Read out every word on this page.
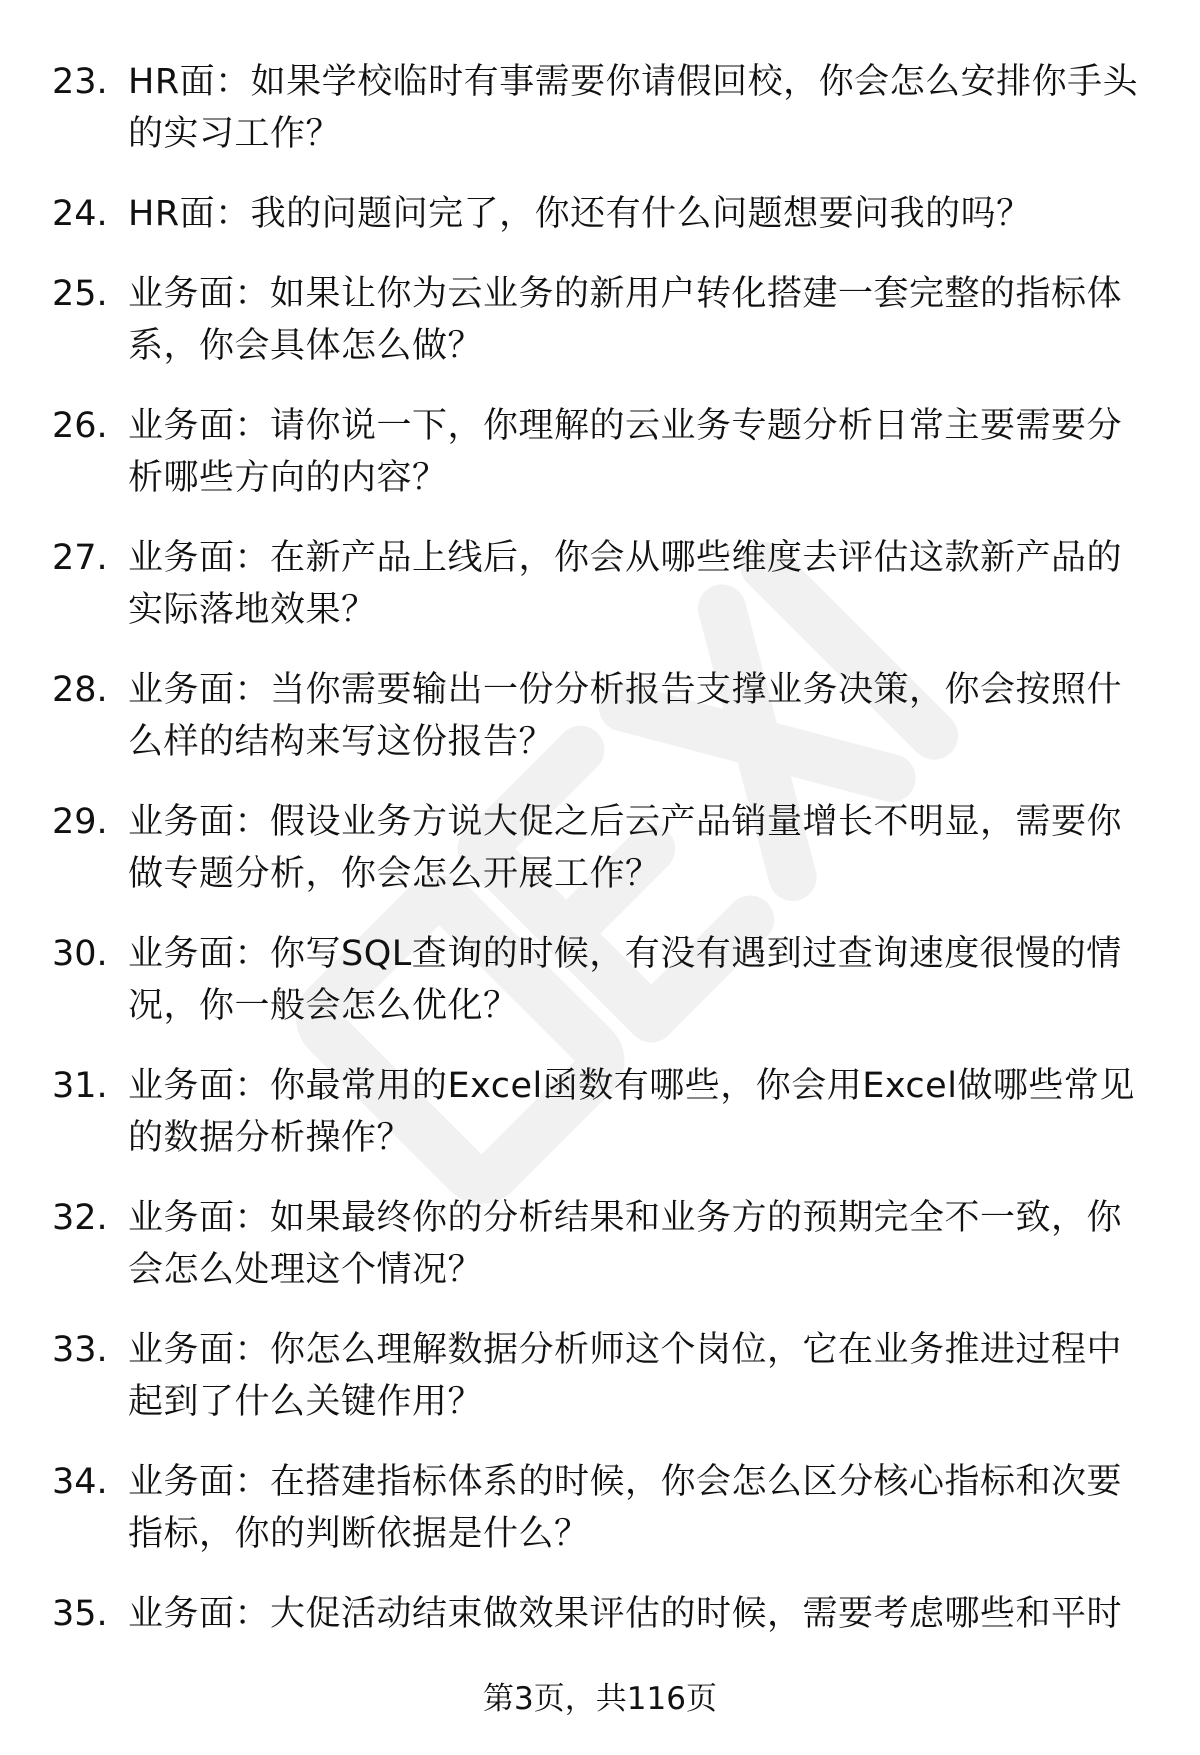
23. HR面：如果学校临时有事需要你请假回校，你会怎么安排你手头的实习工作？
24. HR面：我的问题问完了，你还有什么问题想要问我的吗？
25. 业务面：如果让你为云业务的新用户转化搭建一套完整的指标体系，你会具体怎么做？
26. 业务面：请你说一下，你理解的云业务专题分析日常主要需要分析哪些方向的内容？
27. 业务面：在新产品上线后，你会从哪些维度去评估这款新产品的实际落地效果？
28. 业务面：当你需要输出一份分析报告支撑业务决策，你会按照什么样的结构来写这份报告？
29. 业务面：假设业务方说大促之后云产品销量增长不明显，需要你做专题分析，你会怎么开展工作？
30. 业务面：你写SQL查询的时候，有没有遇到过查询速度很慢的情况，你一般会怎么优化？
31. 业务面：你最常用的Excel函数有哪些，你会用Excel做哪些常见的数据分析操作？
32. 业务面：如果最终你的分析结果和业务方的预期完全不一致，你会怎么处理这个情况？
33. 业务面：你怎么理解数据分析师这个岗位，它在业务推进过程中起到了什么关键作用？
34. 业务面：在搭建指标体系的时候，你会怎么区分核心指标和次要指标，你的判断依据是什么？
35. 业务面：大促活动结束做效果评估的时候，需要考虑哪些和平时
第3页，共116页
